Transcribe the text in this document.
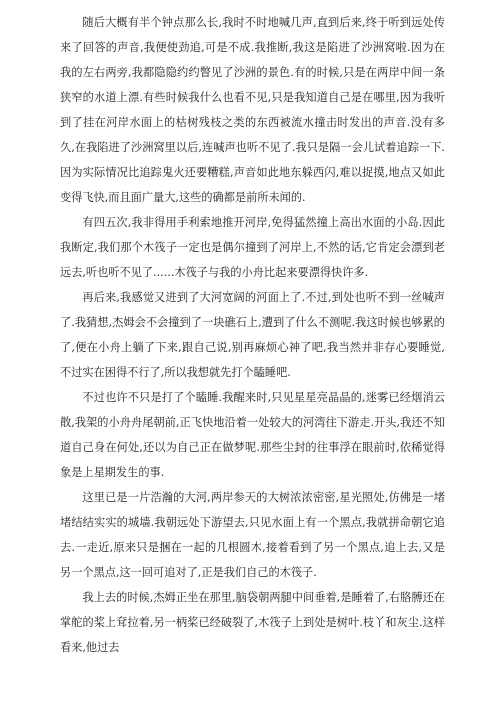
随后大概有半个钟点那么长,我时不时地喊几声,直到后来,终于听到远处传来了回答的声音,我便使劲追,可是不成.我推断,我这是陷进了沙洲窝啦.因为在我的左右两旁,我都隐隐约约瞥见了沙洲的景色.有的时候,只是在两岸中间一条狭窄的水道上漂.有些时候我什么也看不见,只是我知道自己是在哪里,因为我听到了挂在河岸水面上的枯树残枝之类的东西被流水撞击时发出的声音.没有多久,在我陷进了沙洲窝里以后,连喊声也听不见了.我只是隔一会儿试着追踪一下.因为实际情况比追踪鬼火还要糟糕,声音如此地东躲西闪,难以捉摸,地点又如此变得飞快,而且面广量大,这些的确都是前所未闻的.

有四五次,我非得用手利索地推开河岸,免得猛然撞上高出水面的小岛.因此我断定,我们那个木筏子一定也是偶尔撞到了河岸上,不然的话,它肯定会漂到老远去,听也听不见了......木筏子与我的小舟比起来要漂得快许多.

再后来,我感觉又进到了大河宽阔的河面上了.不过,到处也听不到一丝喊声了.我猜想,杰姆会不会撞到了一块礁石上,遭到了什么不测呢.我这时候也够累的了,便在小舟上躺了下来,跟自己说,别再麻烦心神了吧,我当然并非存心要睡觉,不过实在困得不行了,所以我想就先打个瞌睡吧.

不过也许不只是打了个瞌睡.我醒来时,只见星星亮晶晶的,迷雾已经烟消云散,我架的小舟舟尾朝前,正飞快地沿着一处较大的河湾往下游走.开头,我还不知道自己身在何处,还以为自己正在做梦呢.那些尘封的往事浮在眼前时,依稀觉得象是上星期发生的事.

这里已是一片浩瀚的大河,两岸参天的大树浓浓密密,星光照处,仿佛是一堵堵结结实实的城墙.我朝远处下游望去,只见水面上有一个黑点,我就拼命朝它追去.一走近,原来只是捆在一起的几根圆木,接着看到了另一个黑点,追上去,又是另一个黑点,这一回可追对了,正是我们自己的木筏子.

我上去的时候,杰姆正坐在那里,脑袋朝两腿中间垂着,是睡着了,右胳膊还在掌舵的桨上耷拉着,另一柄桨已经破裂了,木筏子上到处是树叶.枝丫和灰尘.这样看来,他过去
